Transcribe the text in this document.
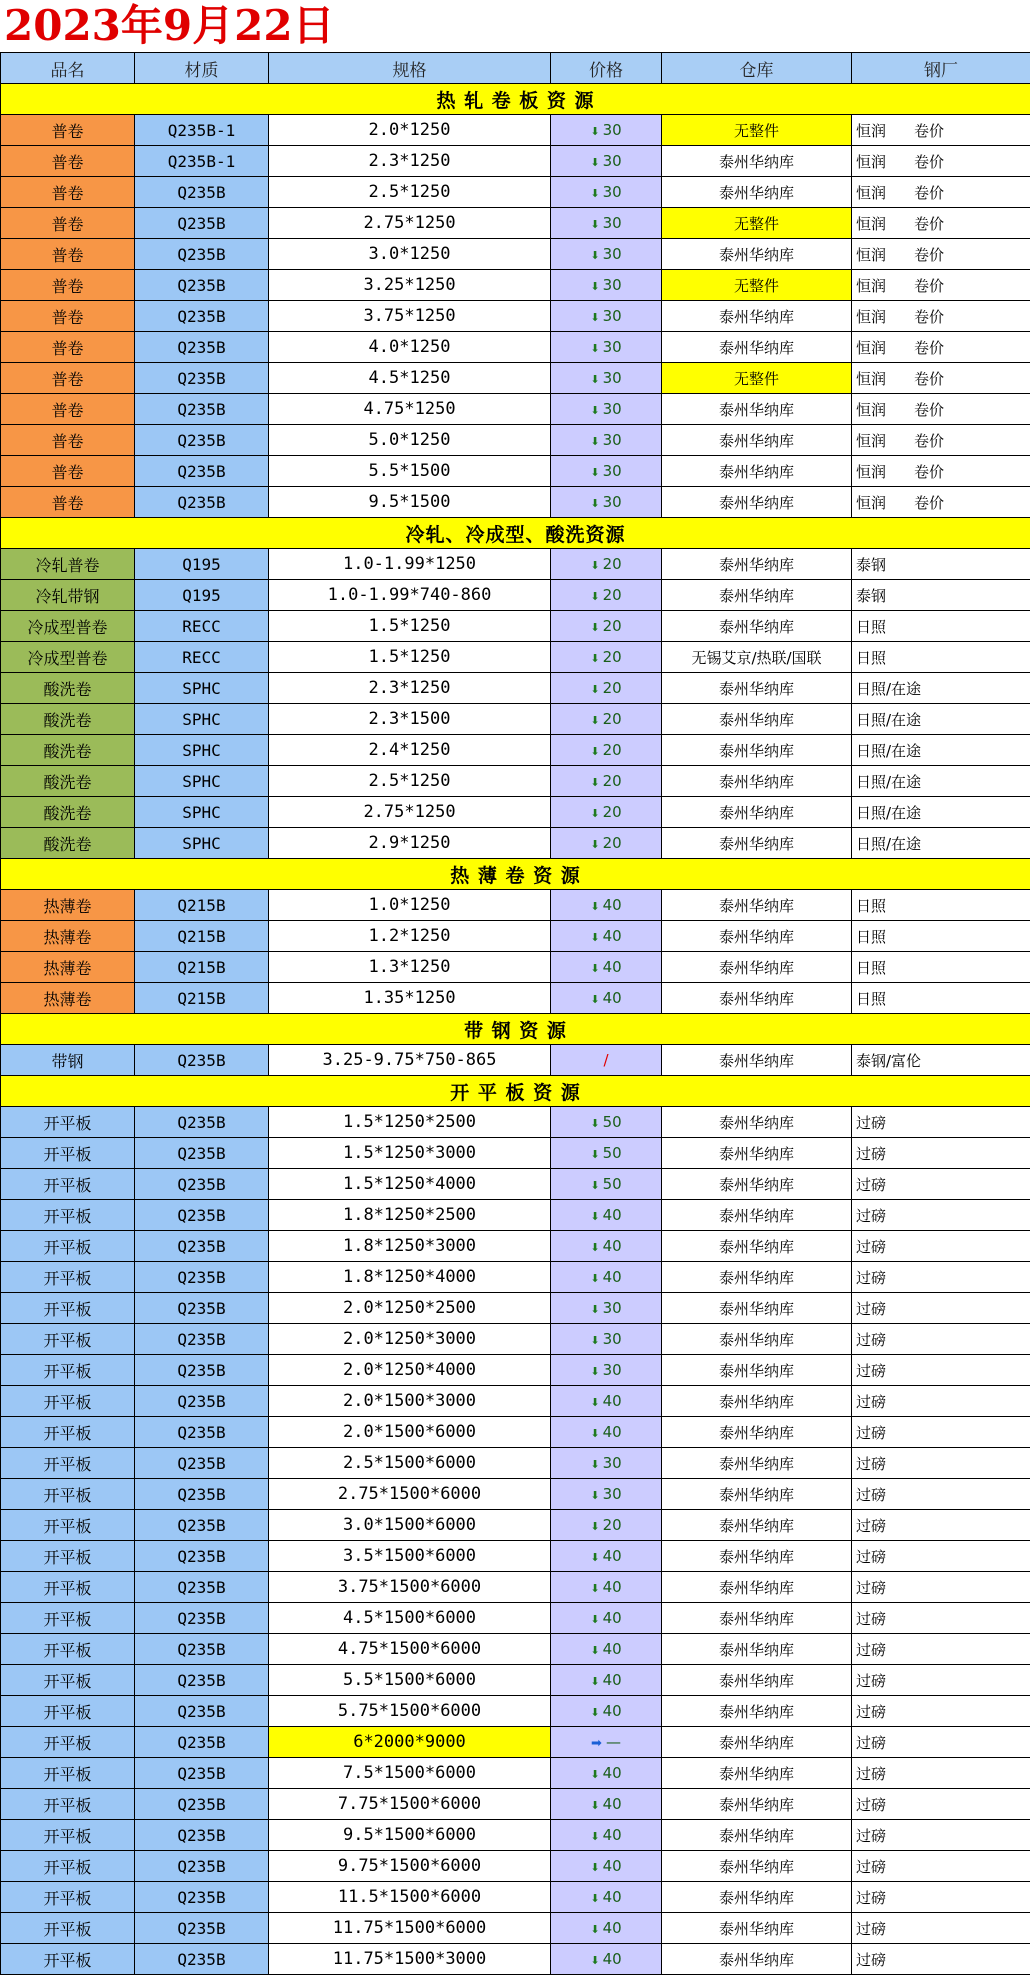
2023年9月22日
品名	材质	规格	价格	仓库	钢厂
热 轧 卷 板 资 源					
普卷	Q235B-1	2.0*1250	⬇ 30	无整件	恒润 卷价
普卷	Q235B-1	2.3*1250	⬇ 30	泰州华纳库	恒润 卷价
普卷	Q235B	2.5*1250	⬇ 30	泰州华纳库	恒润 卷价
普卷	Q235B	2.75*1250	⬇ 30	无整件	恒润 卷价
普卷	Q235B	3.0*1250	⬇ 30	泰州华纳库	恒润 卷价
普卷	Q235B	3.25*1250	⬇ 30	无整件	恒润 卷价
普卷	Q235B	3.75*1250	⬇ 30	泰州华纳库	恒润 卷价
普卷	Q235B	4.0*1250	⬇ 30	泰州华纳库	恒润 卷价
普卷	Q235B	4.5*1250	⬇ 30	无整件	恒润 卷价
普卷	Q235B	4.75*1250	⬇ 30	泰州华纳库	恒润 卷价
普卷	Q235B	5.0*1250	⬇ 30	泰州华纳库	恒润 卷价
普卷	Q235B	5.5*1500	⬇ 30	泰州华纳库	恒润 卷价
普卷	Q235B	9.5*1500	⬇ 30	泰州华纳库	恒润 卷价
冷轧、冷成型、酸洗资源					
冷轧普卷	Q195	1.0-1.99*1250	⬇ 20	泰州华纳库	泰钢
冷轧带钢	Q195	1.0-1.99*740-860	⬇ 20	泰州华纳库	泰钢
冷成型普卷	RECC	1.5*1250	⬇ 20	泰州华纳库	日照
冷成型普卷	RECC	1.5*1250	⬇ 20	无锡艾京/热联/国联	日照
酸洗卷	SPHC	2.3*1250	⬇ 20	泰州华纳库	日照/在途
酸洗卷	SPHC	2.3*1500	⬇ 20	泰州华纳库	日照/在途
酸洗卷	SPHC	2.4*1250	⬇ 20	泰州华纳库	日照/在途
酸洗卷	SPHC	2.5*1250	⬇ 20	泰州华纳库	日照/在途
酸洗卷	SPHC	2.75*1250	⬇ 20	泰州华纳库	日照/在途
酸洗卷	SPHC	2.9*1250	⬇ 20	泰州华纳库	日照/在途
热 薄 卷 资 源					
热薄卷	Q215B	1.0*1250	⬇ 40	泰州华纳库	日照
热薄卷	Q215B	1.2*1250	⬇ 40	泰州华纳库	日照
热薄卷	Q215B	1.3*1250	⬇ 40	泰州华纳库	日照
热薄卷	Q215B	1.35*1250	⬇ 40	泰州华纳库	日照
带 钢 资 源					
带钢	Q235B	3.25-9.75*750-865	/	泰州华纳库	泰钢/富伦
开 平 板 资 源					
开平板	Q235B	1.5*1250*2500	⬇ 50	泰州华纳库	过磅
开平板	Q235B	1.5*1250*3000	⬇ 50	泰州华纳库	过磅
开平板	Q235B	1.5*1250*4000	⬇ 50	泰州华纳库	过磅
开平板	Q235B	1.8*1250*2500	⬇ 40	泰州华纳库	过磅
开平板	Q235B	1.8*1250*3000	⬇ 40	泰州华纳库	过磅
开平板	Q235B	1.8*1250*4000	⬇ 40	泰州华纳库	过磅
开平板	Q235B	2.0*1250*2500	⬇ 30	泰州华纳库	过磅
开平板	Q235B	2.0*1250*3000	⬇ 30	泰州华纳库	过磅
开平板	Q235B	2.0*1250*4000	⬇ 30	泰州华纳库	过磅
开平板	Q235B	2.0*1500*3000	⬇ 40	泰州华纳库	过磅
开平板	Q235B	2.0*1500*6000	⬇ 40	泰州华纳库	过磅
开平板	Q235B	2.5*1500*6000	⬇ 30	泰州华纳库	过磅
开平板	Q235B	2.75*1500*6000	⬇ 30	泰州华纳库	过磅
开平板	Q235B	3.0*1500*6000	⬇ 20	泰州华纳库	过磅
开平板	Q235B	3.5*1500*6000	⬇ 40	泰州华纳库	过磅
开平板	Q235B	3.75*1500*6000	⬇ 40	泰州华纳库	过磅
开平板	Q235B	4.5*1500*6000	⬇ 40	泰州华纳库	过磅
开平板	Q235B	4.75*1500*6000	⬇ 40	泰州华纳库	过磅
开平板	Q235B	5.5*1500*6000	⬇ 40	泰州华纳库	过磅
开平板	Q235B	5.75*1500*6000	⬇ 40	泰州华纳库	过磅
开平板	Q235B	6*2000*9000	➡ —	泰州华纳库	过磅
开平板	Q235B	7.5*1500*6000	⬇ 40	泰州华纳库	过磅
开平板	Q235B	7.75*1500*6000	⬇ 40	泰州华纳库	过磅
开平板	Q235B	9.5*1500*6000	⬇ 40	泰州华纳库	过磅
开平板	Q235B	9.75*1500*6000	⬇ 40	泰州华纳库	过磅
开平板	Q235B	11.5*1500*6000	⬇ 40	泰州华纳库	过磅
开平板	Q235B	11.75*1500*6000	⬇ 40	泰州华纳库	过磅
开平板	Q235B	11.75*1500*3000	⬇ 40	泰州华纳库	过磅
